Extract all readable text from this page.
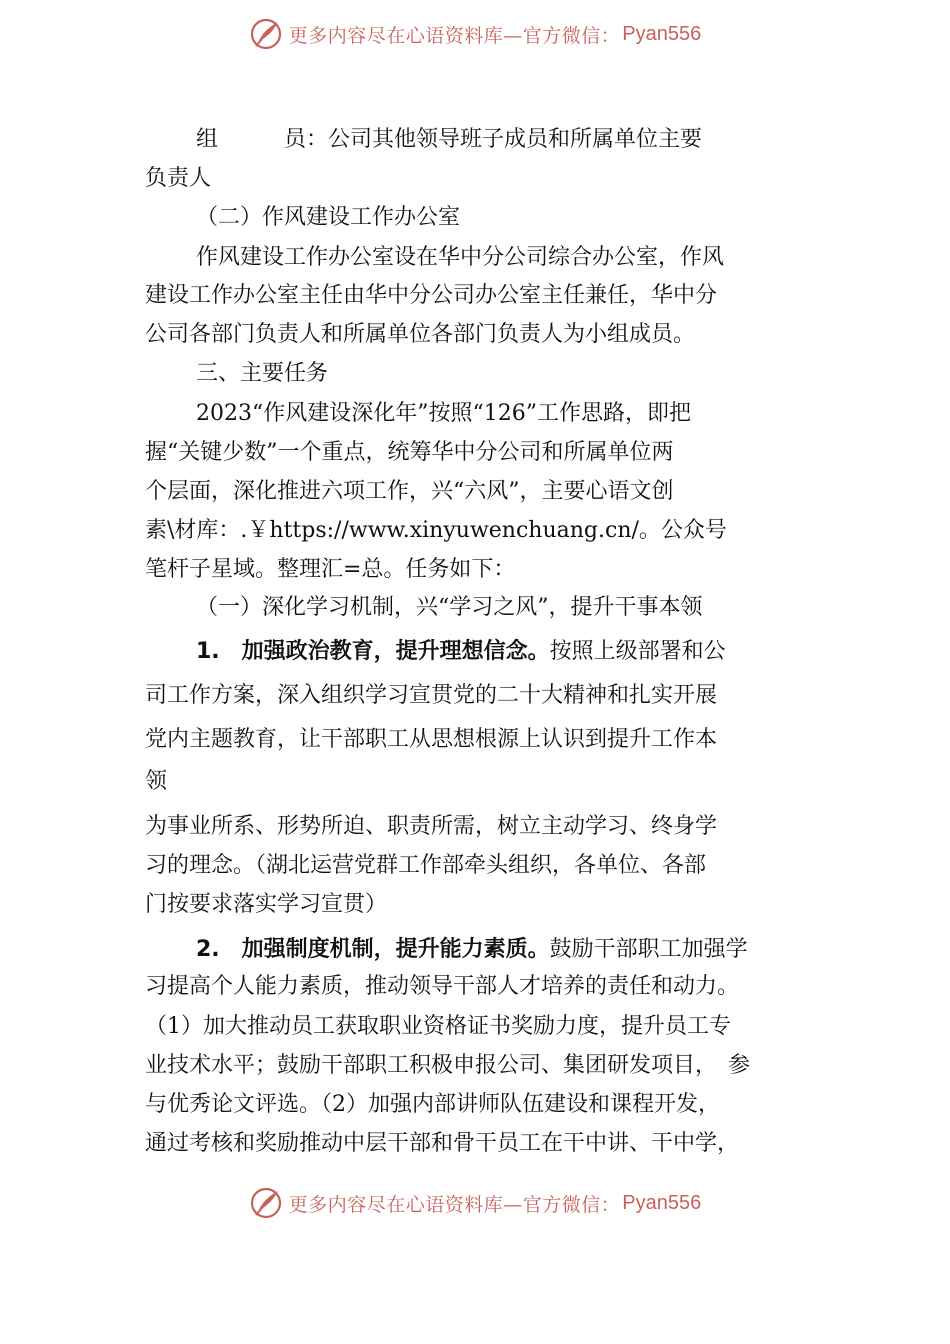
更多内容尽在心语资料库—官方微信： Pyan556
组　　　员：公司其他领导班子成员和所属单位主要
负责人
（二）作风建设工作办公室
作风建设工作办公室设在华中分公司综合办公室，作风
建设工作办公室主任由华中分公司办公室主任兼任，华中分
公司各部门负责人和所属单位各部门负责人为小组成员。
三、主要任务
2023“作风建设深化年”按照“126”工作思路，即把
握“关键少数”一个重点，统筹华中分公司和所属单位两
个层面，深化推进六项工作，兴“六风”，主要心语文创
素\材库：.￥https://www.xinyuwenchuang.cn/。公众号
笔杆子星域。整理汇=总。任务如下：
（一）深化学习机制，兴“学习之风”，提升干事本领
1.　加强政治教育，提升理想信念。按照上级部署和公
司工作方案，深入组织学习宣贯党的二十大精神和扎实开展
党内主题教育，让干部职工从思想根源上认识到提升工作本
领
为事业所系、形势所迫、职责所需，树立主动学习、终身学
习的理念。（湖北运营党群工作部牵头组织，各单位、各部
门按要求落实学习宣贯）
2.　加强制度机制，提升能力素质。鼓励干部职工加强学
习提高个人能力素质，推动领导干部人才培养的责任和动力。
（1）加大推动员工获取职业资格证书奖励力度，提升员工专
业技术水平；鼓励干部职工积极申报公司、集团研发项目，　参
与优秀论文评选。（2）加强内部讲师队伍建设和课程开发，
通过考核和奖励推动中层干部和骨干员工在干中讲、干中学，
更多内容尽在心语资料库—官方微信： Pyan556
